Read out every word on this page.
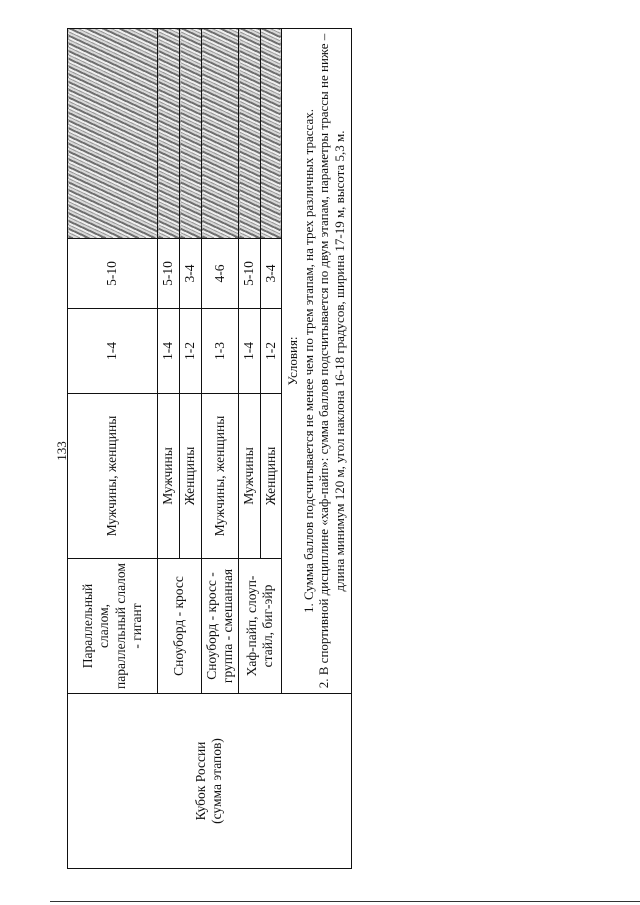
133
Кубок России (сумма этапов)	Параллельный слалом, параллельный слалом - гигант	Мужчины, женщины	1-4	5-10	
	Сноуборд - кросс	Мужчины	1-4	5-10	
		Женщины	1-2	3-4	
	Сноуборд - кросс - группа - смешанная	Мужчины, женщины	1-3	4-6	
	Хаф-пайп, слоуп-стайл, биг-эйр	Мужчины	1-4	5-10	
		Женщины	1-2	3-4	

	Условия: 1. Сумма баллов подсчитывается не менее чем по трем этапам, на трех различных трассах. 2. В спортивной дисциплине «хаф-пайп»: сумма баллов подсчитывается по двум этапам, параметры трассы не ниже – длина минимум 120 м, угол наклона 16-18 градусов, ширина 17-19 м, высота 5,3 м.				
